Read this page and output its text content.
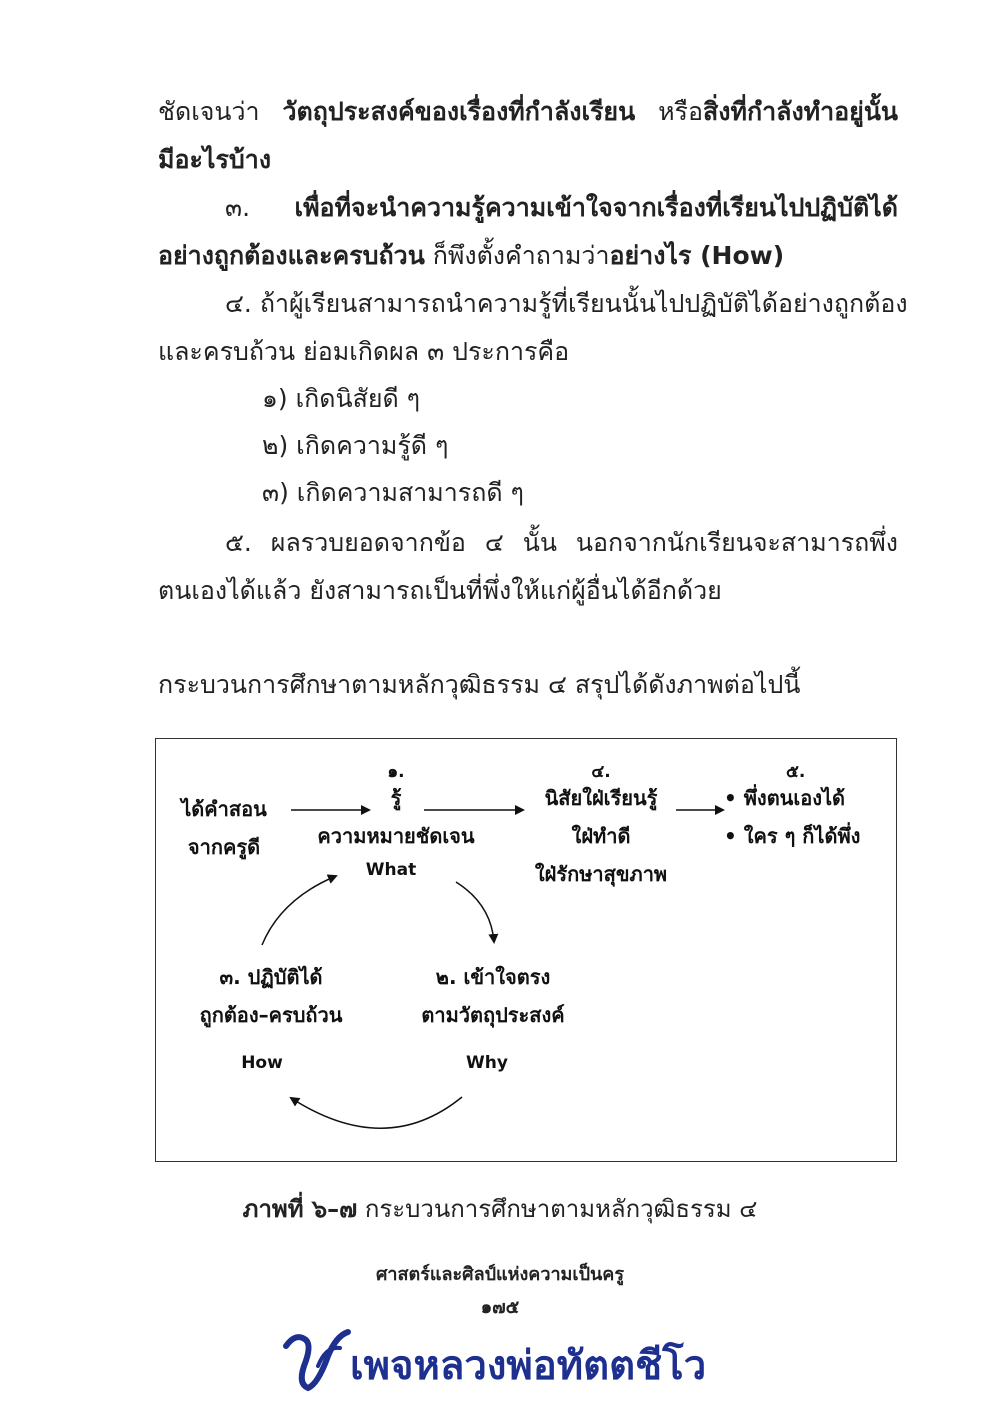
ชัดเจนว่า วัตถุประสงค์ของเรื่องที่กำลังเรียน หรือสิ่งที่กำลังทำอยู่นั้น
มีอะไรบ้าง
๓. เพื่อที่จะนำความรู้ความเข้าใจจากเรื่องที่เรียนไปปฏิบัติได้
อย่างถูกต้องและครบถ้วน ก็พึงตั้งคำถามว่าอย่างไร (How)
๔. ถ้าผู้เรียนสามารถนำความรู้ที่เรียนนั้นไปปฏิบัติได้อย่างถูกต้อง
และครบถ้วน ย่อมเกิดผล ๓ ประการคือ
๑) เกิดนิสัยดี ๆ
๒) เกิดความรู้ดี ๆ
๓) เกิดความสามารถดี ๆ
๕. ผลรวบยอดจากข้อ ๔ นั้น นอกจากนักเรียนจะสามารถพึ่ง
ตนเองได้แล้ว ยังสามารถเป็นที่พึ่งให้แก่ผู้อื่นได้อีกด้วย
กระบวนการศึกษาตามหลักวุฒิธรรม ๔ สรุปได้ดังภาพต่อไปนี้
ได้คำสอน
จากครูดี
๑.
รู้
ความหมายชัดเจน
What
๔.
นิสัยใฝ่เรียนรู้
ใฝ่ทำดี
ใฝ่รักษาสุขภาพ
๕.
• พึ่งตนเองได้
• ใคร ๆ ก็ได้พึ่ง
๒. เข้าใจตรง
ตามวัตถุประสงค์
Why
๓. ปฏิบัติได้
ถูกต้อง–ครบถ้วน
How
ภาพที่ ๖–๗ กระบวนการศึกษาตามหลักวุฒิธรรม ๔
ศาสตร์และศิลป์แห่งความเป็นครู
๑๗๕
เพจหลวงพ่อทัตตชีโว
